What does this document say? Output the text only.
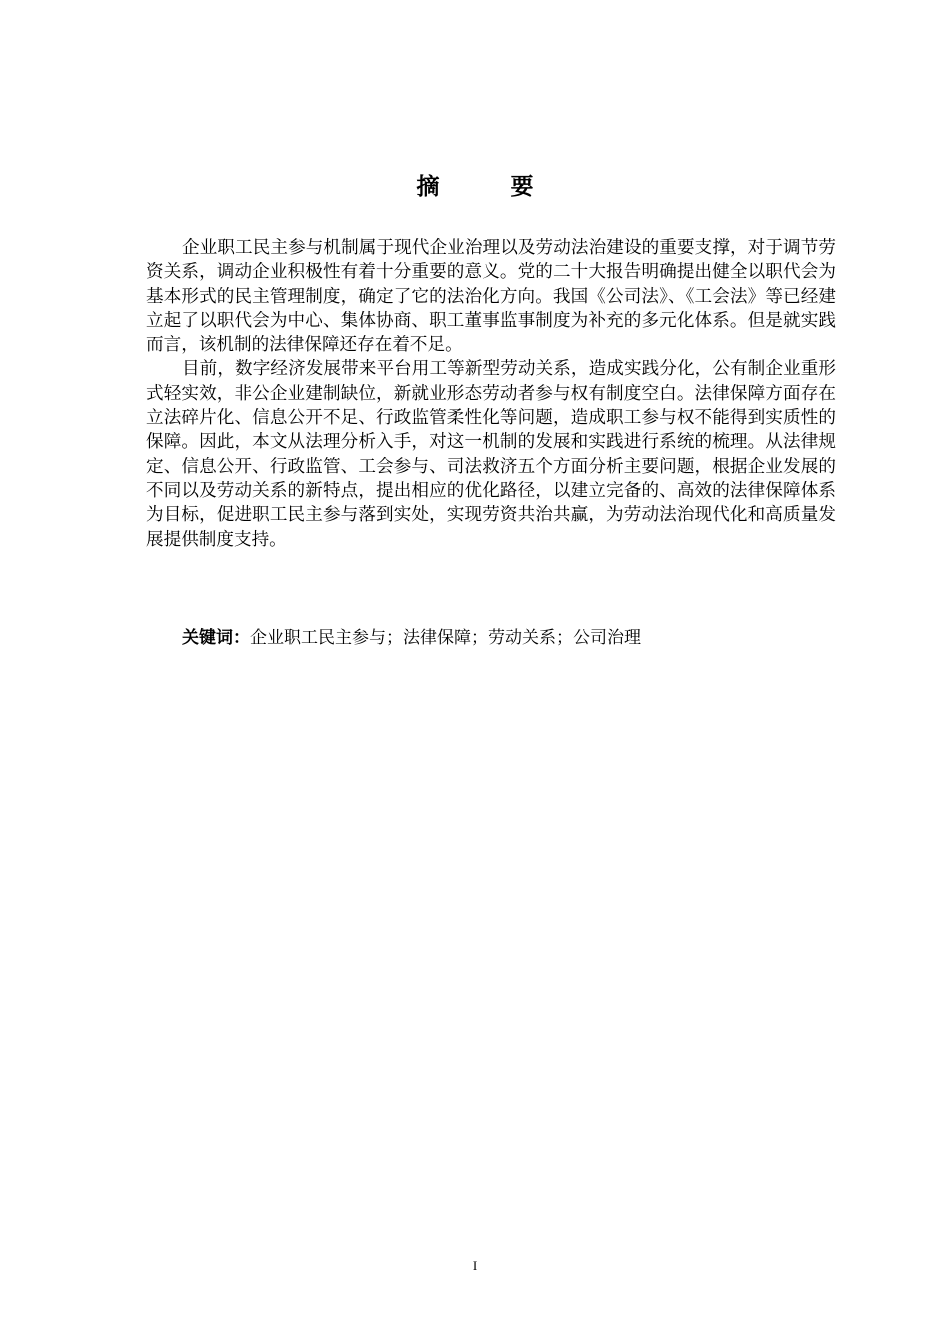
摘　要

企业职工民主参与机制属于现代企业治理以及劳动法治建设的重要支撑，对于调节劳资关系，调动企业积极性有着十分重要的意义。党的二十大报告明确提出健全以职代会为基本形式的民主管理制度，确定了它的法治化方向。我国《公司法》、《工会法》等已经建立起了以职代会为中心、集体协商、职工董事监事制度为补充的多元化体系。但是就实践而言，该机制的法律保障还存在着不足。

目前，数字经济发展带来平台用工等新型劳动关系，造成实践分化，公有制企业重形式轻实效，非公企业建制缺位，新就业形态劳动者参与权有制度空白。法律保障方面存在立法碎片化、信息公开不足、行政监管柔性化等问题，造成职工参与权不能得到实质性的保障。因此，本文从法理分析入手，对这一机制的发展和实践进行系统的梳理。从法律规定、信息公开、行政监管、工会参与、司法救济五个方面分析主要问题，根据企业发展的不同以及劳动关系的新特点，提出相应的优化路径，以建立完备的、高效的法律保障体系为目标，促进职工民主参与落到实处，实现劳资共治共赢，为劳动法治现代化和高质量发展提供制度支持。

关键词：企业职工民主参与；法律保障；劳动关系；公司治理
I
